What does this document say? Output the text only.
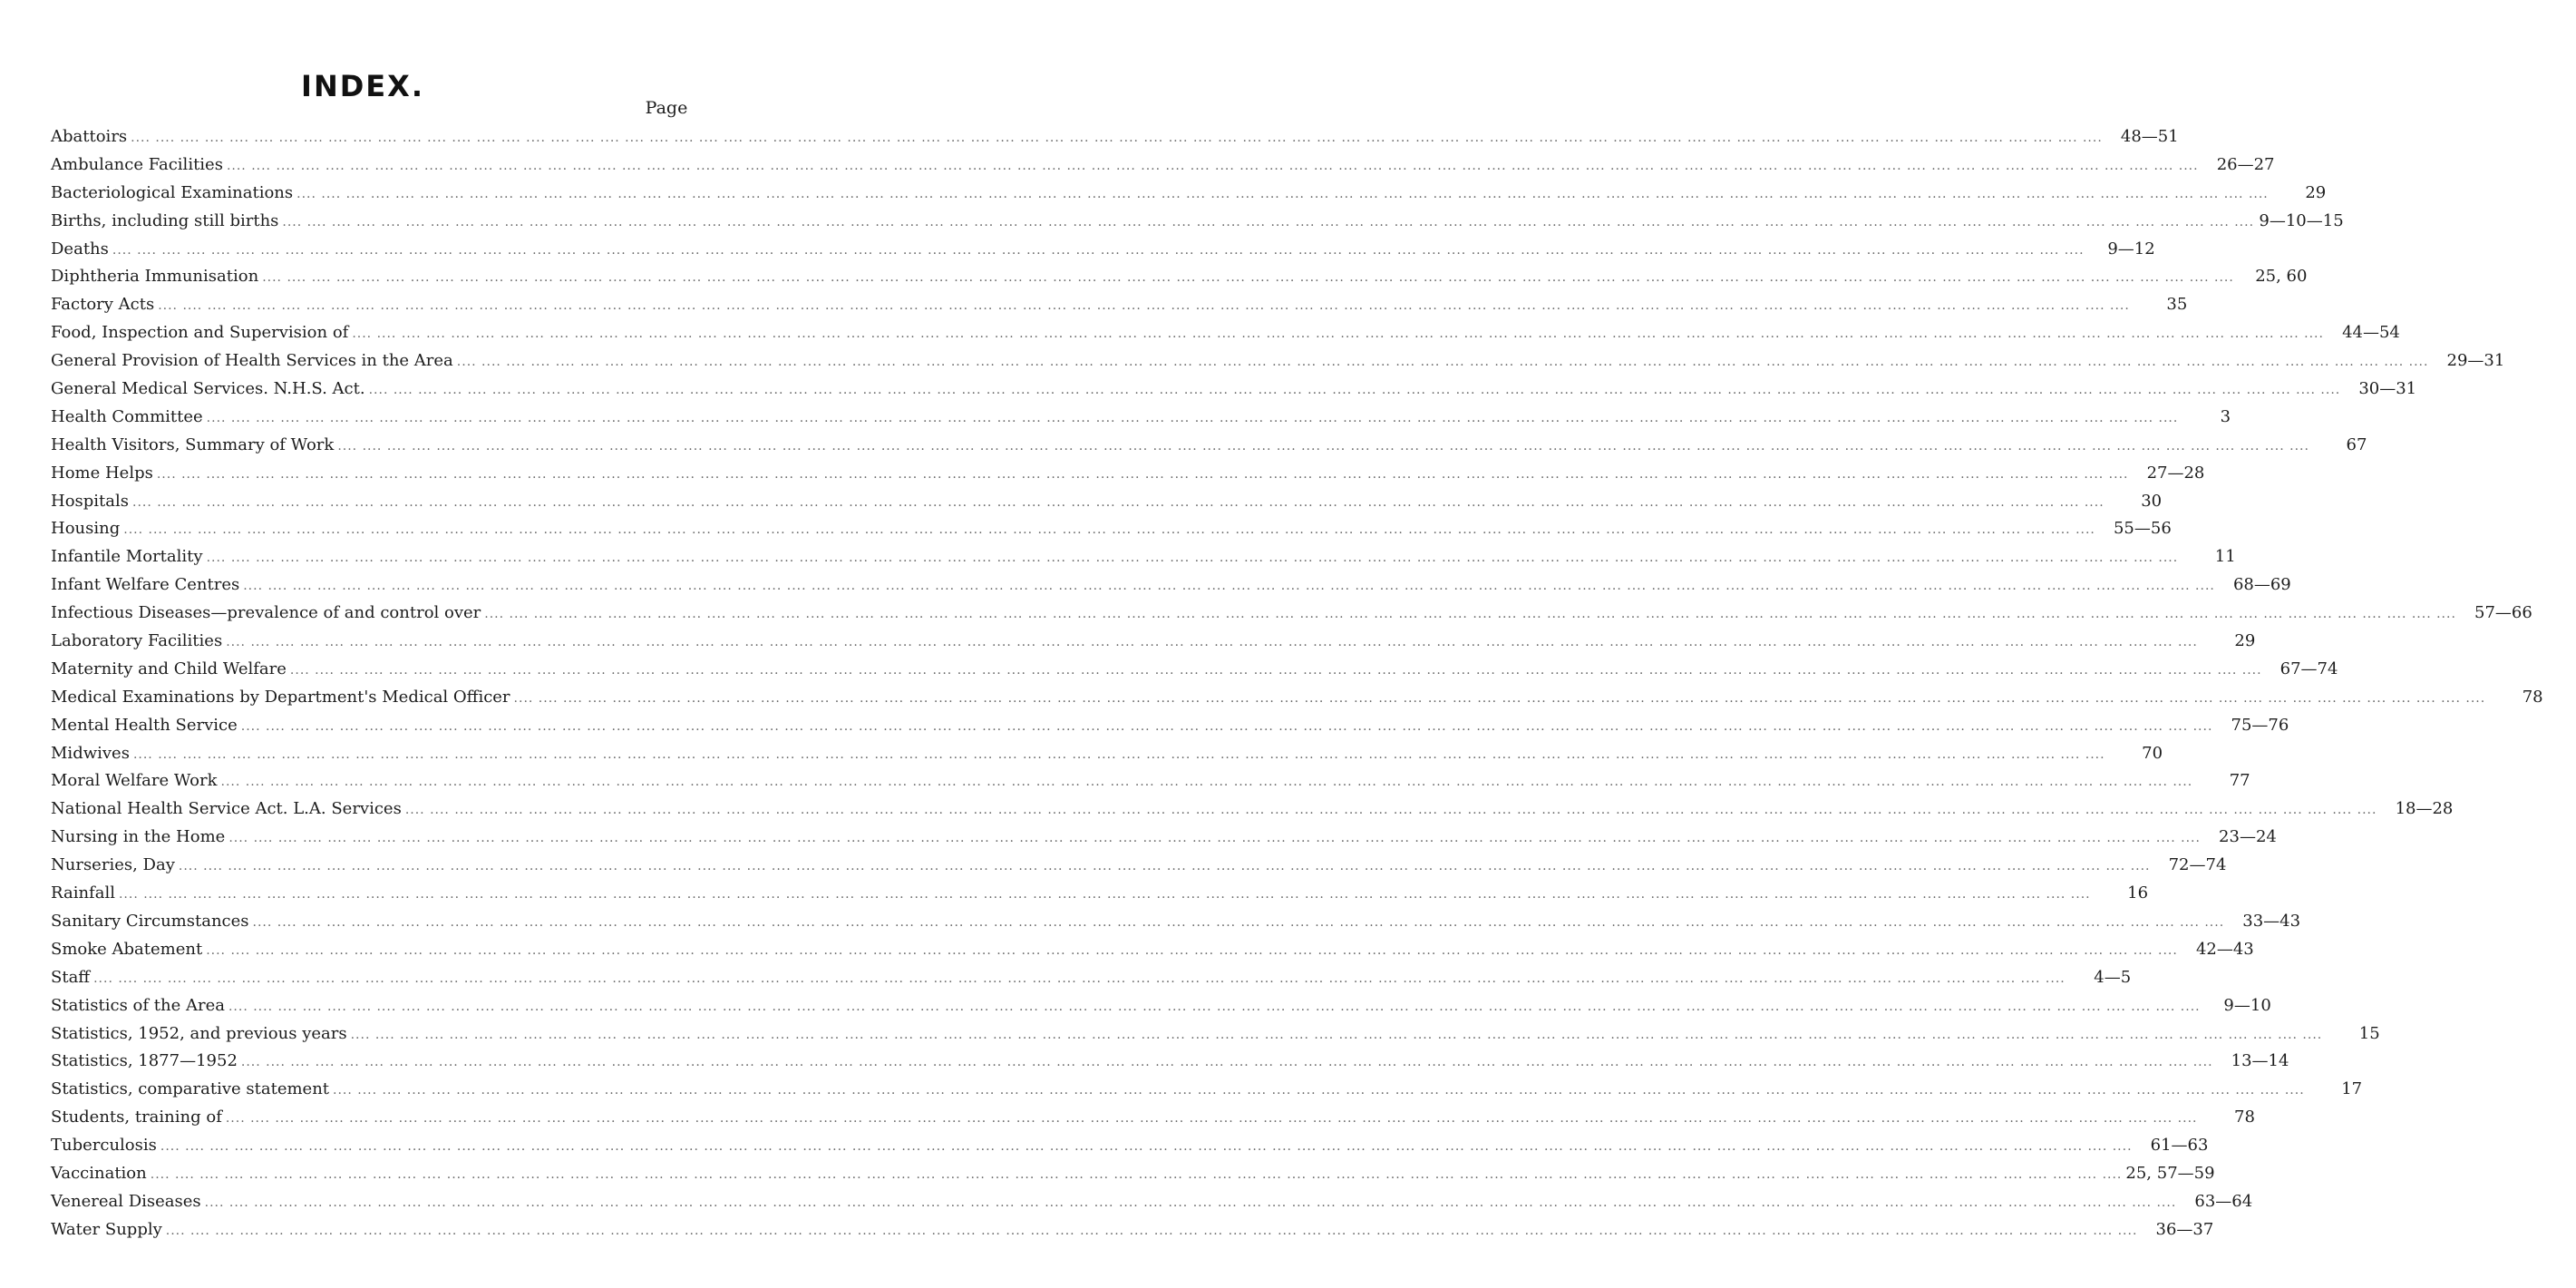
INDEX.
Page
Abattoirs .... .... .... .... .... .... .... .... .... .... .... .... .... .... .... .... .... .... .... .... .... .... .... .... .... .... .... .... .... .... .... .... .... .... .... .... .... .... .... .... .... .... .... .... .... .... .... .... .... .... .... .... .... .... .... .... .... .... .... .... .... .... .... .... .... .... .... .... .... .... .... .... .... .... .... .... .... .... .... ....	48—51
Ambulance Facilities .... .... .... .... .... .... .... .... .... .... .... .... .... .... .... .... .... .... .... .... .... .... .... .... .... .... .... .... .... .... .... .... .... .... .... .... .... .... .... .... .... .... .... .... .... .... .... .... .... .... .... .... .... .... .... .... .... .... .... .... .... .... .... .... .... .... .... .... .... .... .... .... .... .... .... .... .... .... .... ....	26—27
Bacteriological Examinations .... .... .... .... .... .... .... .... .... .... .... .... .... .... .... .... .... .... .... .... .... .... .... .... .... .... .... .... .... .... .... .... .... .... .... .... .... .... .... .... .... .... .... .... .... .... .... .... .... .... .... .... .... .... .... .... .... .... .... .... .... .... .... .... .... .... .... .... .... .... .... .... .... .... .... .... .... .... .... ....	29
Births, including still births .... .... .... .... .... .... .... .... .... .... .... .... .... .... .... .... .... .... .... .... .... .... .... .... .... .... .... .... .... .... .... .... .... .... .... .... .... .... .... .... .... .... .... .... .... .... .... .... .... .... .... .... .... .... .... .... .... .... .... .... .... .... .... .... .... .... .... .... .... .... .... .... .... .... .... .... .... .... .... .... 9—10—15
Deaths .... .... .... .... .... .... .... .... .... .... .... .... .... .... .... .... .... .... .... .... .... .... .... .... .... .... .... .... .... .... .... .... .... .... .... .... .... .... .... .... .... .... .... .... .... .... .... .... .... .... .... .... .... .... .... .... .... .... .... .... .... .... .... .... .... .... .... .... .... .... .... .... .... .... .... .... .... .... .... ....	9—12
Diphtheria Immunisation .... .... .... .... .... .... .... .... .... .... .... .... .... .... .... .... .... .... .... .... .... .... .... .... .... .... .... .... .... .... .... .... .... .... .... .... .... .... .... .... .... .... .... .... .... .... .... .... .... .... .... .... .... .... .... .... .... .... .... .... .... .... .... .... .... .... .... .... .... .... .... .... .... .... .... .... .... .... .... ....	25, 60
Factory Acts .... .... .... .... .... .... .... .... .... .... .... .... .... .... .... .... .... .... .... .... .... .... .... .... .... .... .... .... .... .... .... .... .... .... .... .... .... .... .... .... .... .... .... .... .... .... .... .... .... .... .... .... .... .... .... .... .... .... .... .... .... .... .... .... .... .... .... .... .... .... .... .... .... .... .... .... .... .... .... ....	35
Food, Inspection and Supervision of .... .... .... .... .... .... .... .... .... .... .... .... .... .... .... .... .... .... .... .... .... .... .... .... .... .... .... .... .... .... .... .... .... .... .... .... .... .... .... .... .... .... .... .... .... .... .... .... .... .... .... .... .... .... .... .... .... .... .... .... .... .... .... .... .... .... .... .... .... .... .... .... .... .... .... .... .... .... .... ....	44—54
General Provision of Health Services in the Area .... .... .... .... .... .... .... .... .... .... .... .... .... .... .... .... .... .... .... .... .... .... .... .... .... .... .... .... .... .... .... .... .... .... .... .... .... .... .... .... .... .... .... .... .... .... .... .... .... .... .... .... .... .... .... .... .... .... .... .... .... .... .... .... .... .... .... .... .... .... .... .... .... .... .... .... .... .... .... ....	29—31
General Medical Services. N.H.S. Act. .... .... .... .... .... .... .... .... .... .... .... .... .... .... .... .... .... .... .... .... .... .... .... .... .... .... .... .... .... .... .... .... .... .... .... .... .... .... .... .... .... .... .... .... .... .... .... .... .... .... .... .... .... .... .... .... .... .... .... .... .... .... .... .... .... .... .... .... .... .... .... .... .... .... .... .... .... .... .... ....	30—31
Health Committee .... .... .... .... .... .... .... .... .... .... .... .... .... .... .... .... .... .... .... .... .... .... .... .... .... .... .... .... .... .... .... .... .... .... .... .... .... .... .... .... .... .... .... .... .... .... .... .... .... .... .... .... .... .... .... .... .... .... .... .... .... .... .... .... .... .... .... .... .... .... .... .... .... .... .... .... .... .... .... ....	3
Health Visitors, Summary of Work .... .... .... .... .... .... .... .... .... .... .... .... .... .... .... .... .... .... .... .... .... .... .... .... .... .... .... .... .... .... .... .... .... .... .... .... .... .... .... .... .... .... .... .... .... .... .... .... .... .... .... .... .... .... .... .... .... .... .... .... .... .... .... .... .... .... .... .... .... .... .... .... .... .... .... .... .... .... .... ....	67
Home Helps .... .... .... .... .... .... .... .... .... .... .... .... .... .... .... .... .... .... .... .... .... .... .... .... .... .... .... .... .... .... .... .... .... .... .... .... .... .... .... .... .... .... .... .... .... .... .... .... .... .... .... .... .... .... .... .... .... .... .... .... .... .... .... .... .... .... .... .... .... .... .... .... .... .... .... .... .... .... .... ....	27—28
Hospitals .... .... .... .... .... .... .... .... .... .... .... .... .... .... .... .... .... .... .... .... .... .... .... .... .... .... .... .... .... .... .... .... .... .... .... .... .... .... .... .... .... .... .... .... .... .... .... .... .... .... .... .... .... .... .... .... .... .... .... .... .... .... .... .... .... .... .... .... .... .... .... .... .... .... .... .... .... .... .... ....	30
Housing .... .... .... .... .... .... .... .... .... .... .... .... .... .... .... .... .... .... .... .... .... .... .... .... .... .... .... .... .... .... .... .... .... .... .... .... .... .... .... .... .... .... .... .... .... .... .... .... .... .... .... .... .... .... .... .... .... .... .... .... .... .... .... .... .... .... .... .... .... .... .... .... .... .... .... .... .... .... .... ....	55—56
Infantile Mortality .... .... .... .... .... .... .... .... .... .... .... .... .... .... .... .... .... .... .... .... .... .... .... .... .... .... .... .... .... .... .... .... .... .... .... .... .... .... .... .... .... .... .... .... .... .... .... .... .... .... .... .... .... .... .... .... .... .... .... .... .... .... .... .... .... .... .... .... .... .... .... .... .... .... .... .... .... .... .... ....	11
Infant Welfare Centres .... .... .... .... .... .... .... .... .... .... .... .... .... .... .... .... .... .... .... .... .... .... .... .... .... .... .... .... .... .... .... .... .... .... .... .... .... .... .... .... .... .... .... .... .... .... .... .... .... .... .... .... .... .... .... .... .... .... .... .... .... .... .... .... .... .... .... .... .... .... .... .... .... .... .... .... .... .... .... ....	68—69
Infectious Diseases—prevalence of and control over .... .... .... .... .... .... .... .... .... .... .... .... .... .... .... .... .... .... .... .... .... .... .... .... .... .... .... .... .... .... .... .... .... .... .... .... .... .... .... .... .... .... .... .... .... .... .... .... .... .... .... .... .... .... .... .... .... .... .... .... .... .... .... .... .... .... .... .... .... .... .... .... .... .... .... .... .... .... .... ....	57—66
Laboratory Facilities .... .... .... .... .... .... .... .... .... .... .... .... .... .... .... .... .... .... .... .... .... .... .... .... .... .... .... .... .... .... .... .... .... .... .... .... .... .... .... .... .... .... .... .... .... .... .... .... .... .... .... .... .... .... .... .... .... .... .... .... .... .... .... .... .... .... .... .... .... .... .... .... .... .... .... .... .... .... .... ....	29
Maternity and Child Welfare .... .... .... .... .... .... .... .... .... .... .... .... .... .... .... .... .... .... .... .... .... .... .... .... .... .... .... .... .... .... .... .... .... .... .... .... .... .... .... .... .... .... .... .... .... .... .... .... .... .... .... .... .... .... .... .... .... .... .... .... .... .... .... .... .... .... .... .... .... .... .... .... .... .... .... .... .... .... .... ....	67—74
Medical Examinations by Department's Medical Officer .... .... .... .... .... .... .... .... .... .... .... .... .... .... .... .... .... .... .... .... .... .... .... .... .... .... .... .... .... .... .... .... .... .... .... .... .... .... .... .... .... .... .... .... .... .... .... .... .... .... .... .... .... .... .... .... .... .... .... .... .... .... .... .... .... .... .... .... .... .... .... .... .... .... .... .... .... .... .... ....	78
Mental Health Service .... .... .... .... .... .... .... .... .... .... .... .... .... .... .... .... .... .... .... .... .... .... .... .... .... .... .... .... .... .... .... .... .... .... .... .... .... .... .... .... .... .... .... .... .... .... .... .... .... .... .... .... .... .... .... .... .... .... .... .... .... .... .... .... .... .... .... .... .... .... .... .... .... .... .... .... .... .... .... ....	75—76
Midwives .... .... .... .... .... .... .... .... .... .... .... .... .... .... .... .... .... .... .... .... .... .... .... .... .... .... .... .... .... .... .... .... .... .... .... .... .... .... .... .... .... .... .... .... .... .... .... .... .... .... .... .... .... .... .... .... .... .... .... .... .... .... .... .... .... .... .... .... .... .... .... .... .... .... .... .... .... .... .... ....	70
Moral Welfare Work .... .... .... .... .... .... .... .... .... .... .... .... .... .... .... .... .... .... .... .... .... .... .... .... .... .... .... .... .... .... .... .... .... .... .... .... .... .... .... .... .... .... .... .... .... .... .... .... .... .... .... .... .... .... .... .... .... .... .... .... .... .... .... .... .... .... .... .... .... .... .... .... .... .... .... .... .... .... .... ....	77
National Health Service Act. L.A. Services .... .... .... .... .... .... .... .... .... .... .... .... .... .... .... .... .... .... .... .... .... .... .... .... .... .... .... .... .... .... .... .... .... .... .... .... .... .... .... .... .... .... .... .... .... .... .... .... .... .... .... .... .... .... .... .... .... .... .... .... .... .... .... .... .... .... .... .... .... .... .... .... .... .... .... .... .... .... .... ....	18—28
Nursing in the Home .... .... .... .... .... .... .... .... .... .... .... .... .... .... .... .... .... .... .... .... .... .... .... .... .... .... .... .... .... .... .... .... .... .... .... .... .... .... .... .... .... .... .... .... .... .... .... .... .... .... .... .... .... .... .... .... .... .... .... .... .... .... .... .... .... .... .... .... .... .... .... .... .... .... .... .... .... .... .... ....	23—24
Nurseries, Day .... .... .... .... .... .... .... .... .... .... .... .... .... .... .... .... .... .... .... .... .... .... .... .... .... .... .... .... .... .... .... .... .... .... .... .... .... .... .... .... .... .... .... .... .... .... .... .... .... .... .... .... .... .... .... .... .... .... .... .... .... .... .... .... .... .... .... .... .... .... .... .... .... .... .... .... .... .... .... ....	72—74
Rainfall .... .... .... .... .... .... .... .... .... .... .... .... .... .... .... .... .... .... .... .... .... .... .... .... .... .... .... .... .... .... .... .... .... .... .... .... .... .... .... .... .... .... .... .... .... .... .... .... .... .... .... .... .... .... .... .... .... .... .... .... .... .... .... .... .... .... .... .... .... .... .... .... .... .... .... .... .... .... .... ....	16
Sanitary Circumstances .... .... .... .... .... .... .... .... .... .... .... .... .... .... .... .... .... .... .... .... .... .... .... .... .... .... .... .... .... .... .... .... .... .... .... .... .... .... .... .... .... .... .... .... .... .... .... .... .... .... .... .... .... .... .... .... .... .... .... .... .... .... .... .... .... .... .... .... .... .... .... .... .... .... .... .... .... .... .... ....	33—43
Smoke Abatement .... .... .... .... .... .... .... .... .... .... .... .... .... .... .... .... .... .... .... .... .... .... .... .... .... .... .... .... .... .... .... .... .... .... .... .... .... .... .... .... .... .... .... .... .... .... .... .... .... .... .... .... .... .... .... .... .... .... .... .... .... .... .... .... .... .... .... .... .... .... .... .... .... .... .... .... .... .... .... ....	42—43
Staff .... .... .... .... .... .... .... .... .... .... .... .... .... .... .... .... .... .... .... .... .... .... .... .... .... .... .... .... .... .... .... .... .... .... .... .... .... .... .... .... .... .... .... .... .... .... .... .... .... .... .... .... .... .... .... .... .... .... .... .... .... .... .... .... .... .... .... .... .... .... .... .... .... .... .... .... .... .... .... ....	4—5
Statistics of the Area .... .... .... .... .... .... .... .... .... .... .... .... .... .... .... .... .... .... .... .... .... .... .... .... .... .... .... .... .... .... .... .... .... .... .... .... .... .... .... .... .... .... .... .... .... .... .... .... .... .... .... .... .... .... .... .... .... .... .... .... .... .... .... .... .... .... .... .... .... .... .... .... .... .... .... .... .... .... .... ....	9—10
Statistics, 1952, and previous years .... .... .... .... .... .... .... .... .... .... .... .... .... .... .... .... .... .... .... .... .... .... .... .... .... .... .... .... .... .... .... .... .... .... .... .... .... .... .... .... .... .... .... .... .... .... .... .... .... .... .... .... .... .... .... .... .... .... .... .... .... .... .... .... .... .... .... .... .... .... .... .... .... .... .... .... .... .... .... ....	15
Statistics, 1877—1952 .... .... .... .... .... .... .... .... .... .... .... .... .... .... .... .... .... .... .... .... .... .... .... .... .... .... .... .... .... .... .... .... .... .... .... .... .... .... .... .... .... .... .... .... .... .... .... .... .... .... .... .... .... .... .... .... .... .... .... .... .... .... .... .... .... .... .... .... .... .... .... .... .... .... .... .... .... .... .... ....	13—14
Statistics, comparative statement .... .... .... .... .... .... .... .... .... .... .... .... .... .... .... .... .... .... .... .... .... .... .... .... .... .... .... .... .... .... .... .... .... .... .... .... .... .... .... .... .... .... .... .... .... .... .... .... .... .... .... .... .... .... .... .... .... .... .... .... .... .... .... .... .... .... .... .... .... .... .... .... .... .... .... .... .... .... .... ....	17
Students, training of .... .... .... .... .... .... .... .... .... .... .... .... .... .... .... .... .... .... .... .... .... .... .... .... .... .... .... .... .... .... .... .... .... .... .... .... .... .... .... .... .... .... .... .... .... .... .... .... .... .... .... .... .... .... .... .... .... .... .... .... .... .... .... .... .... .... .... .... .... .... .... .... .... .... .... .... .... .... .... ....	78
Tuberculosis .... .... .... .... .... .... .... .... .... .... .... .... .... .... .... .... .... .... .... .... .... .... .... .... .... .... .... .... .... .... .... .... .... .... .... .... .... .... .... .... .... .... .... .... .... .... .... .... .... .... .... .... .... .... .... .... .... .... .... .... .... .... .... .... .... .... .... .... .... .... .... .... .... .... .... .... .... .... .... ....	61—63
Vaccination .... .... .... .... .... .... .... .... .... .... .... .... .... .... .... .... .... .... .... .... .... .... .... .... .... .... .... .... .... .... .... .... .... .... .... .... .... .... .... .... .... .... .... .... .... .... .... .... .... .... .... .... .... .... .... .... .... .... .... .... .... .... .... .... .... .... .... .... .... .... .... .... .... .... .... .... .... .... .... .... 25, 57—59
Venereal Diseases .... .... .... .... .... .... .... .... .... .... .... .... .... .... .... .... .... .... .... .... .... .... .... .... .... .... .... .... .... .... .... .... .... .... .... .... .... .... .... .... .... .... .... .... .... .... .... .... .... .... .... .... .... .... .... .... .... .... .... .... .... .... .... .... .... .... .... .... .... .... .... .... .... .... .... .... .... .... .... ....	63—64
Water Supply .... .... .... .... .... .... .... .... .... .... .... .... .... .... .... .... .... .... .... .... .... .... .... .... .... .... .... .... .... .... .... .... .... .... .... .... .... .... .... .... .... .... .... .... .... .... .... .... .... .... .... .... .... .... .... .... .... .... .... .... .... .... .... .... .... .... .... .... .... .... .... .... .... .... .... .... .... .... .... ....	36—37
